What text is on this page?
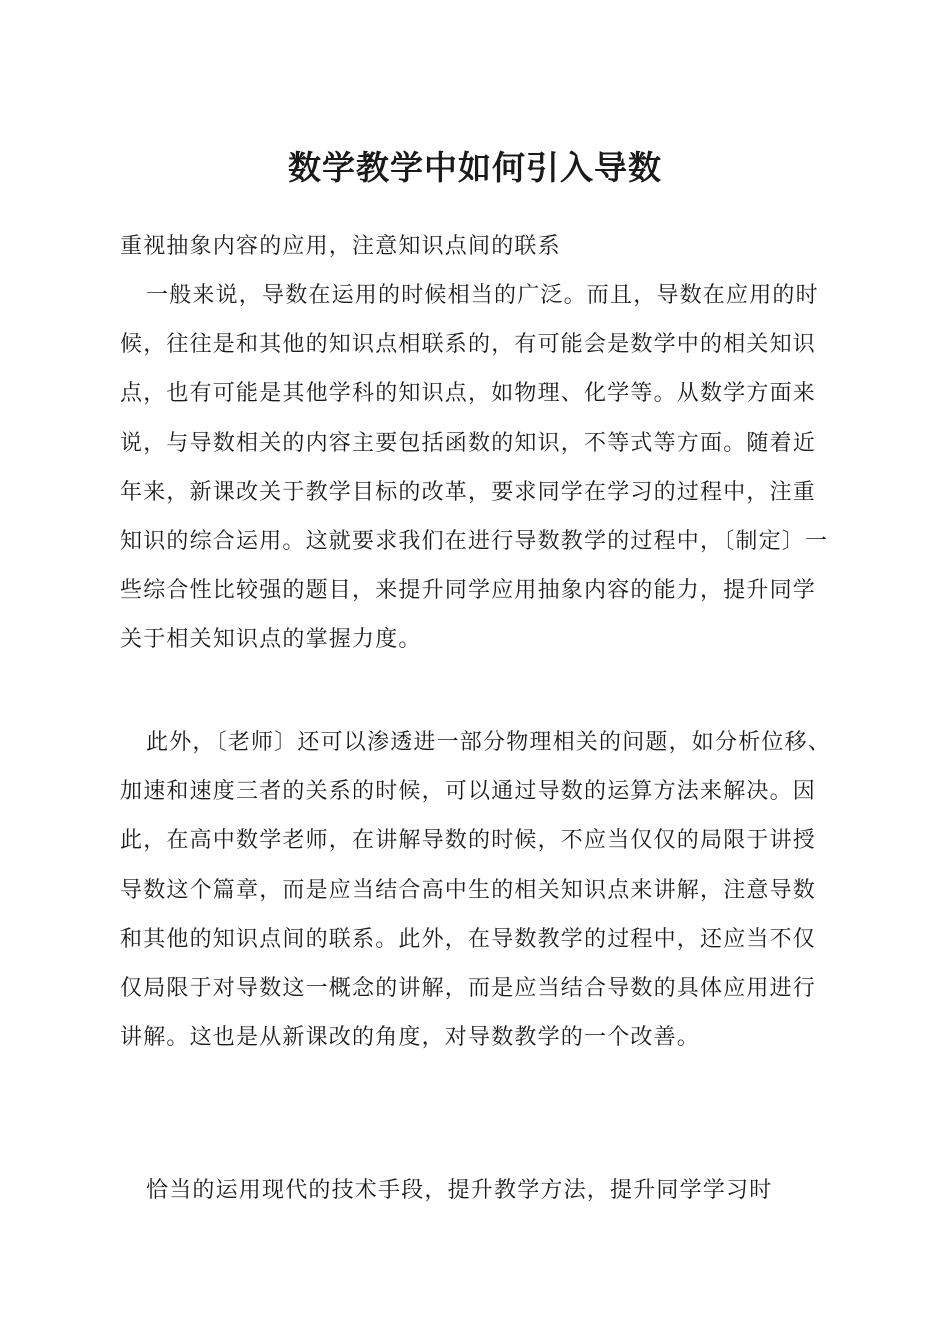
数学教学中如何引入导数

重视抽象内容的应用，注意知识点间的联系

一般来说，导数在运用的时候相当的广泛。而且，导数在应用的时候，往往是和其他的知识点相联系的，有可能会是数学中的相关知识点，也有可能是其他学科的知识点，如物理、化学等。从数学方面来说，与导数相关的内容主要包括函数的知识，不等式等方面。随着近年来，新课改关于教学目标的改革，要求同学在学习的过程中，注重知识的综合运用。这就要求我们在进行导数教学的过程中，〔制定〕一些综合性比较强的题目，来提升同学应用抽象内容的能力，提升同学关于相关知识点的掌握力度。

此外，〔老师〕还可以渗透进一部分物理相关的问题，如分析位移、加速和速度三者的关系的时候，可以通过导数的运算方法来解决。因此，在高中数学老师，在讲解导数的时候，不应当仅仅的局限于讲授导数这个篇章，而是应当结合高中生的相关知识点来讲解，注意导数和其他的知识点间的联系。此外，在导数教学的过程中，还应当不仅仅局限于对导数这一概念的讲解，而是应当结合导数的具体应用进行讲解。这也是从新课改的角度，对导数教学的一个改善。

恰当的运用现代的技术手段，提升教学方法，提升同学学习时
